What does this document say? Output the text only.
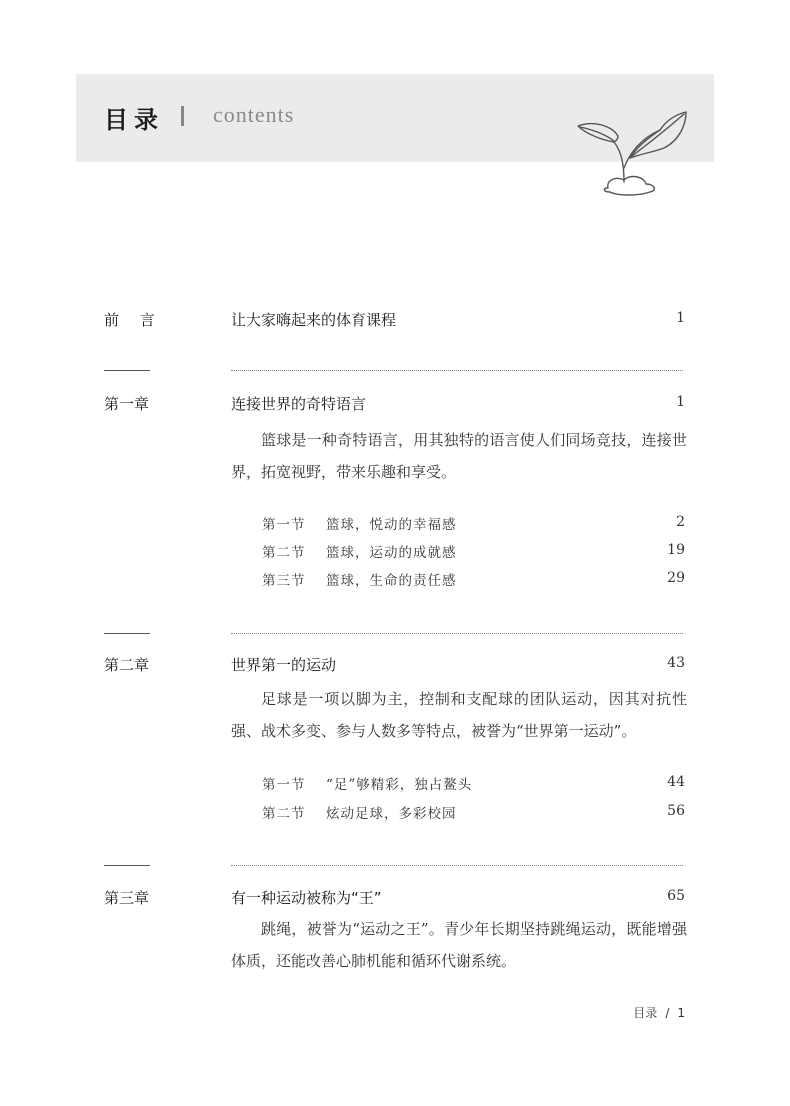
目录 contents
前 言	让大家嗨起来的体育课程	1
第一章	连接世界的奇特语言	1

篮球是一种奇特语言，用其独特的语言使人们同场竞技，连接世界，拓宽视野，带来乐趣和享受。

第一节 篮球，悦动的幸福感	2
第二节 篮球，运动的成就感	19
第三节 篮球，生命的责任感	29
第二章	世界第一的运动	43

足球是一项以脚为主，控制和支配球的团队运动，因其对抗性强、战术多变、参与人数多等特点，被誉为“世界第一运动”。

第一节 “足”够精彩，独占鳌头	44
第二节 炫动足球，多彩校园	56
第三章	有一种运动被称为“王”	65

跳绳，被誉为“运动之王”。青少年长期坚持跳绳运动，既能增强体质，还能改善心肺机能和循环代谢系统。

目录 / 1
